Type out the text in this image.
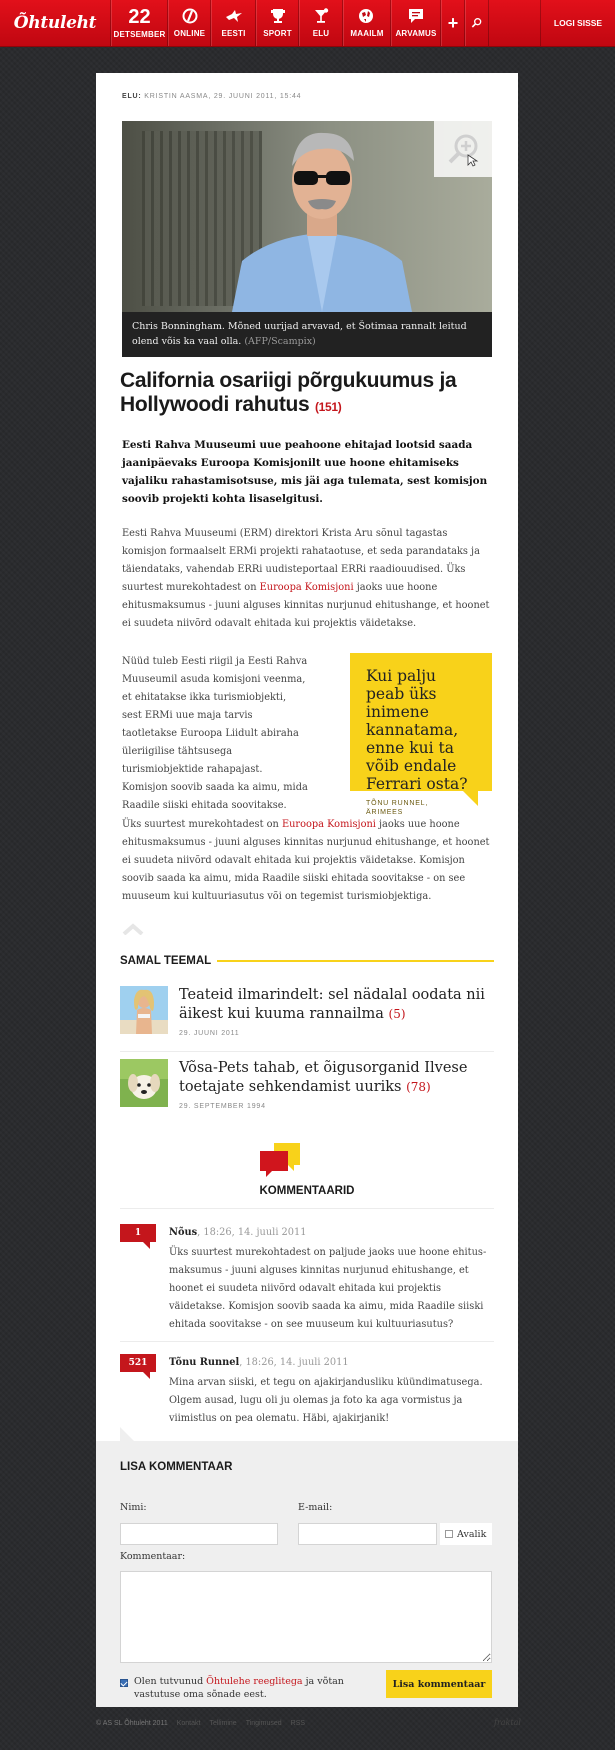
Õhtuleht	22
DETSEMBER ONLINE EESTI SPORT	ELU	MAAILM ARVAMUS
+	LOGI SISSE
ELU: KRISTIN AASMA, 29. JUUNI 2011, 15:44
Chris Bonningham. Mõned uurijad arvavad, et Šotimaa rannalt leitud olend võis ka vaal olla. (AFP/Scampix)
California osariigi põrgukuumus ja Hollywoodi rahutus (151)

Eesti Rahva Muuseumi uue peahoone ehitajad lootsid saada jaanipäevaks Euroopa Komisjonilt uue hoone ehitamiseks vajaliku rahastamisotsuse, mis jäi aga tulemata, sest komisjon soovib projekti kohta lisaselgitusi.

Eesti Rahva Muuseumi (ERM) direktori Krista Aru sõnul tagastas komisjon formaalselt ERMi projekti rahataotuse, et seda parandataks ja täiendataks, vahendab ERRi uudisteportaal ERRi raadiouudised. Üks suurtest murekohtadest on Euroopa Komisjoni jaoks uue hoone ehitusmaksumus - juuni alguses kinnitas nurjunud ehitushange, et hoonet ei suudeta niivõrd odavalt ehitada kui projektis väidetakse.

Nüüd tuleb Eesti riigil ja Eesti Rahva Muuseumil asuda komisjoni veenma, et ehitatakse ikka turismiobjekti, sest ERMi uue maja tarvis taotletakse Euroopa Liidult abiraha üleriigilise tähtsusega turismiobjektide rahapajast. Komisjon soovib saada ka aimu, mida Raadile siiski ehitada soovitakse.

Kui palju peab üks inimene kannatama, enne kui ta võib endale Ferrari osta?
TÕNU RUNNEL,
ÄRIMEES

Üks suurtest murekohtadest on Euroopa Komisjoni jaoks uue hoone ehitusmaksumus - juuni alguses kinnitas nurjunud ehitushange, et hoonet ei suudeta niivõrd odavalt ehitada kui projektis väidetakse. Komisjon soovib saada ka aimu, mida Raadile siiski ehitada soovitakse - on see muuseum kui kultuuriasutus või on tegemist turismiobjektiga.

SAMAL TEEMAL
Teateid ilmarindelt: sel nädalal oodata nii äikest kui kuuma rannailma (5)
29. JUUNI 2011
Võsa-Pets tahab, et õigusorganid Ilvese toetajate sehkendamist uuriks (78)
29. SEPTEMBER 1994
KOMMENTAARID
1	Nõus, 18:26, 14. juuli 2011
Üks suurtest murekohtadest on paljude jaoks uue hoone ehitus- maksumus - juuni alguses kinnitas nurjunud ehitushange, et hoonet ei suudeta niivõrd odavalt ehitada kui projektis väidetakse. Komisjon soovib saada ka aimu, mida Raadile siiski ehitada soovitakse - on see muuseum kui kultuuriasutus?
521 Tõnu Runnel, 18:26, 14. juuli 2011
Mina arvan siiski, et tegu on ajakirjandusliku küündimatusega. Olgem ausad, lugu oli ju olemas ja foto ka aga vormistus ja viimistlus on pea olematu. Häbi, ajakirjanik!
LISA KOMMENTAAR
Nimi:	E-mail:
Avalik
Kommentaar:
Olen tutvunud Õhtulehe reeglitega ja võtan vastutuse oma sõnade eest.
Lisa kommentaar
© AS SL Õhtuleht 2011 Kontakt Tellimine Tingimused RSS	fraktal
